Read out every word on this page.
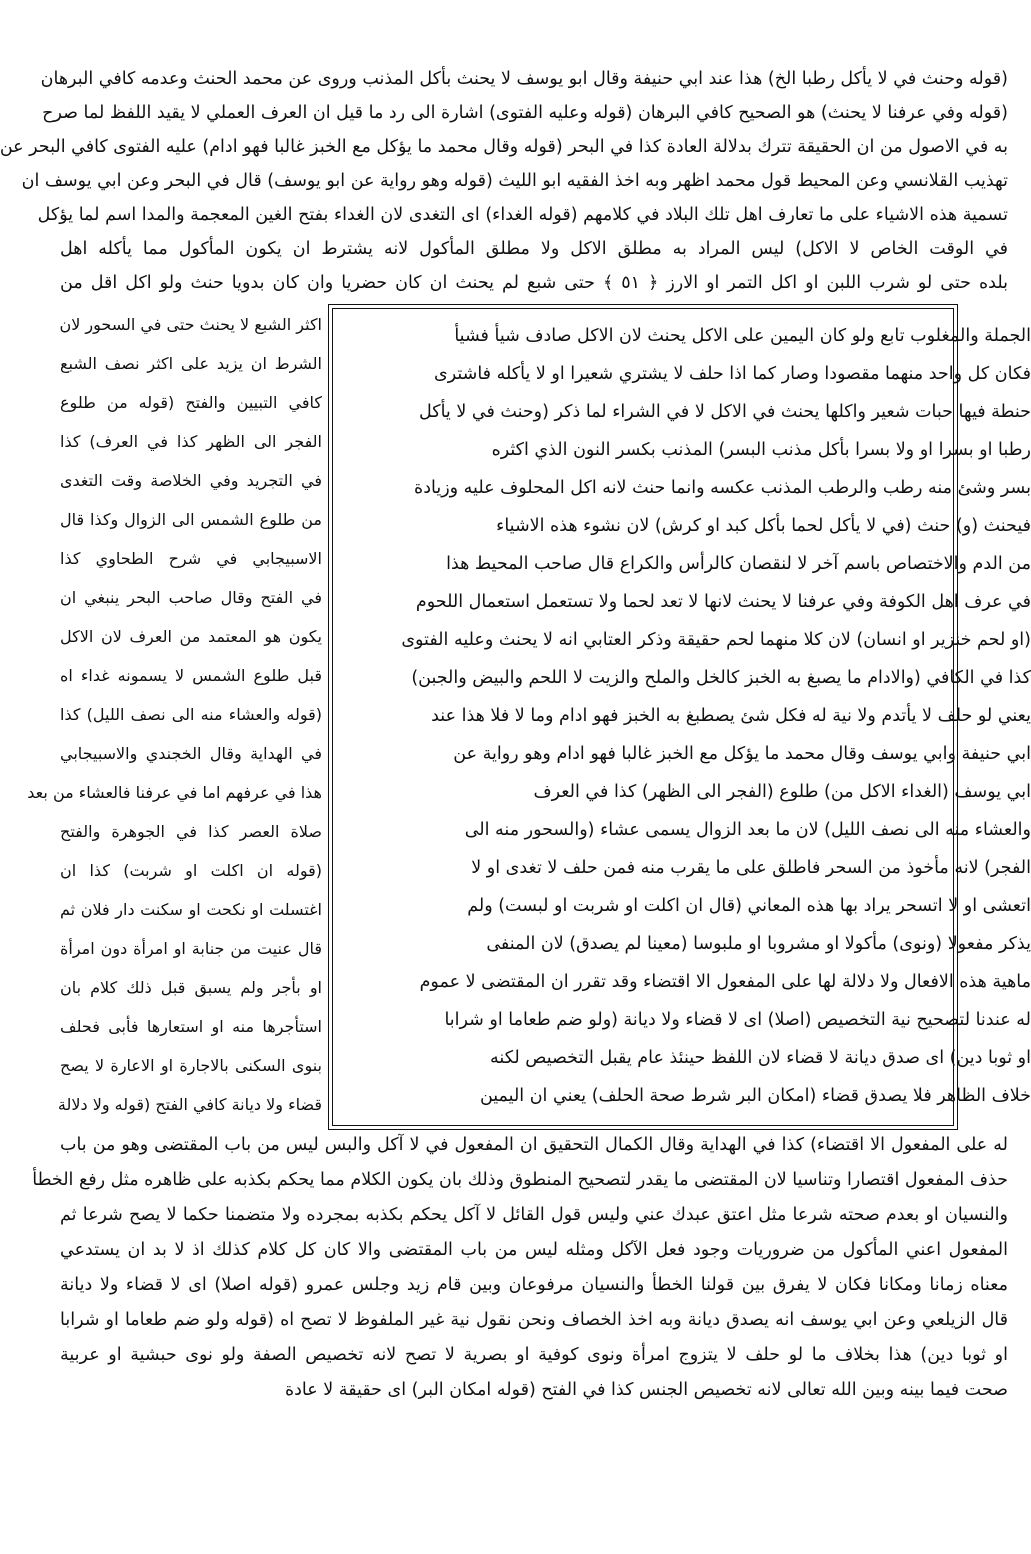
(قوله وحنث في لا يأكل رطبا الخ) هذا عند ابي حنيفة وقال ابو يوسف لا يحنث بأكل المذنب وروى عن محمد الحنث وعدمه كافي البرهان

(قوله وفي عرفنا لا يحنث) هو الصحيح كافي البرهان (قوله وعليه الفتوى) اشارة الى رد ما قيل ان العرف العملي لا يقيد اللفظ لما صرح

به في الاصول من ان الحقيقة تترك بدلالة العادة كذا في البحر (قوله وقال محمد ما يؤكل مع الخبز غالبا فهو ادام) عليه الفتوى كافي البحر عن

تهذيب القلانسي وعن المحيط قول محمد اظهر وبه اخذ الفقيه ابو الليث (قوله وهو رواية عن ابو يوسف) قال في البحر وعن ابي يوسف ان

تسمية هذه الاشياء على ما تعارف اهل تلك البلاد في كلامهم (قوله الغداء) اى التغدى لان الغداء بفتح الغين المعجمة والمدا اسم لما يؤكل

في الوقت الخاص لا الاكل) ليس المراد به مطلق الاكل ولا مطلق المأكول لانه يشترط ان يكون المأكول مما يأكله اهل

بلده حتى لو شرب اللبن او اكل التمر او الارز ﴿ ٥١ ﴾ حتى شبع لم يحنث ان كان حضريا وان كان بدويا حنث ولو اكل اقل من

اكثر الشبع لا يحنث حتى في السحور لان

الشرط ان يزيد على اكثر نصف الشبع

كافي التبيين والفتح (قوله من طلوع

الفجر الى الظهر كذا في العرف) كذا

في التجريد وفي الخلاصة وقت التغدى

من طلوع الشمس الى الزوال وكذا قال

الاسبيجابي في شرح الطحاوي كذا

في الفتح وقال صاحب البحر ينبغي ان

يكون هو المعتمد من العرف لان الاكل

قبل طلوع الشمس لا يسمونه غداء اه

(قوله والعشاء منه الى نصف الليل) كذا

في الهداية وقال الخجندي والاسبيجابي

هذا في عرفهم اما في عرفنا فالعشاء من بعد

صلاة العصر كذا في الجوهرة والفتح

(قوله ان اكلت او شربت) كذا ان

اغتسلت او نكحت او سكنت دار فلان ثم

قال عنيت من جنابة او امرأة دون امرأة

او بأجر ولم يسبق قبل ذلك كلام بان

استأجرها منه او استعارها فأبى فحلف

بنوى السكنى بالاجارة او الاعارة لا يصح

قضاء ولا ديانة كافي الفتح (قوله ولا دلالة

الجملة والمغلوب تابع ولو كان اليمين على الاكل يحنث لان الاكل صادف شيأ فشيأ

فكان كل واحد منهما مقصودا وصار كما اذا حلف لا يشتري شعيرا او لا يأكله فاشترى

حنطة فيها حبات شعير واكلها يحنث في الاكل لا في الشراء لما ذكر (وحنث في لا يأكل

رطبا او بسرا او ولا بسرا بأكل مذنب البسر) المذنب بكسر النون الذي اكثره

بسر وشئ منه رطب والرطب المذنب عكسه وانما حنث لانه اكل المحلوف عليه وزيادة

فيحنث (و) حنث (في لا يأكل لحما بأكل كبد او كرش) لان نشوء هذه الاشياء

من الدم والاختصاص باسم آخر لا لنقصان كالرأس والكراع قال صاحب المحيط هذا

في عرف اهل الكوفة وفي عرفنا لا يحنث لانها لا تعد لحما ولا تستعمل استعمال اللحوم

(او لحم خنزير او انسان) لان كلا منهما لحم حقيقة وذكر العتابي انه لا يحنث وعليه الفتوى

كذا في الكافي (والادام ما يصبغ به الخبز كالخل والملح والزيت لا اللحم والبيض والجبن)

يعني لو حلف لا يأتدم ولا نية له فكل شئ يصطبغ به الخبز فهو ادام وما لا فلا هذا عند

ابي حنيفة وابي يوسف وقال محمد ما يؤكل مع الخبز غالبا فهو ادام وهو رواية عن

ابي يوسف (الغداء الاكل من) طلوع (الفجر الى الظهر) كذا في العرف

والعشاء منه الى نصف الليل) لان ما بعد الزوال يسمى عشاء (والسحور منه الى

الفجر) لانه مأخوذ من السحر فاطلق على ما يقرب منه فمن حلف لا تغدى او لا

اتعشى او لا اتسحر يراد بها هذه المعاني (قال ان اكلت او شربت او لبست) ولم

يذكر مفعولا (ونوى) مأكولا او مشروبا او ملبوسا (معينا لم يصدق) لان المنفى

ماهية هذه الافعال ولا دلالة لها على المفعول الا اقتضاء وقد تقرر ان المقتضى لا عموم

له عندنا لتصحيح نية التخصيص (اصلا) اى لا قضاء ولا ديانة (ولو ضم طعاما او شرابا

او ثوبا دين) اى صدق ديانة لا قضاء لان اللفظ حينئذ عام يقبل التخصيص لكنه

خلاف الظاهر فلا يصدق قضاء (امكان البر شرط صحة الحلف) يعني ان اليمين

له على المفعول الا اقتضاء) كذا في الهداية وقال الكمال التحقيق ان المفعول في لا آكل والبس ليس من باب المقتضى وهو من باب

حذف المفعول اقتصارا وتناسيا لان المقتضى ما يقدر لتصحيح المنطوق وذلك بان يكون الكلام مما يحكم بكذبه على ظاهره مثل رفع الخطأ

والنسيان او بعدم صحته شرعا مثل اعتق عبدك عني وليس قول القائل لا آكل يحكم بكذبه بمجرده ولا متضمنا حكما لا يصح شرعا ثم

المفعول اعني المأكول من ضروريات وجود فعل الآكل ومثله ليس من باب المقتضى والا كان كل كلام كذلك اذ لا بد ان يستدعي

معناه زمانا ومكانا فكان لا يفرق بين قولنا الخطأ والنسيان مرفوعان وبين قام زيد وجلس عمرو (قوله اصلا) اى لا قضاء ولا ديانة

قال الزيلعي وعن ابي يوسف انه يصدق ديانة وبه اخذ الخصاف ونحن نقول نية غير الملفوظ لا تصح اه (قوله ولو ضم طعاما او شرابا

او ثوبا دين) هذا بخلاف ما لو حلف لا يتزوج امرأة ونوى كوفية او بصرية لا تصح لانه تخصيص الصفة ولو نوى حبشية او عربية

صحت فيما بينه وبين الله تعالى لانه تخصيص الجنس كذا في الفتح (قوله امكان البر) اى حقيقة لا عادة
